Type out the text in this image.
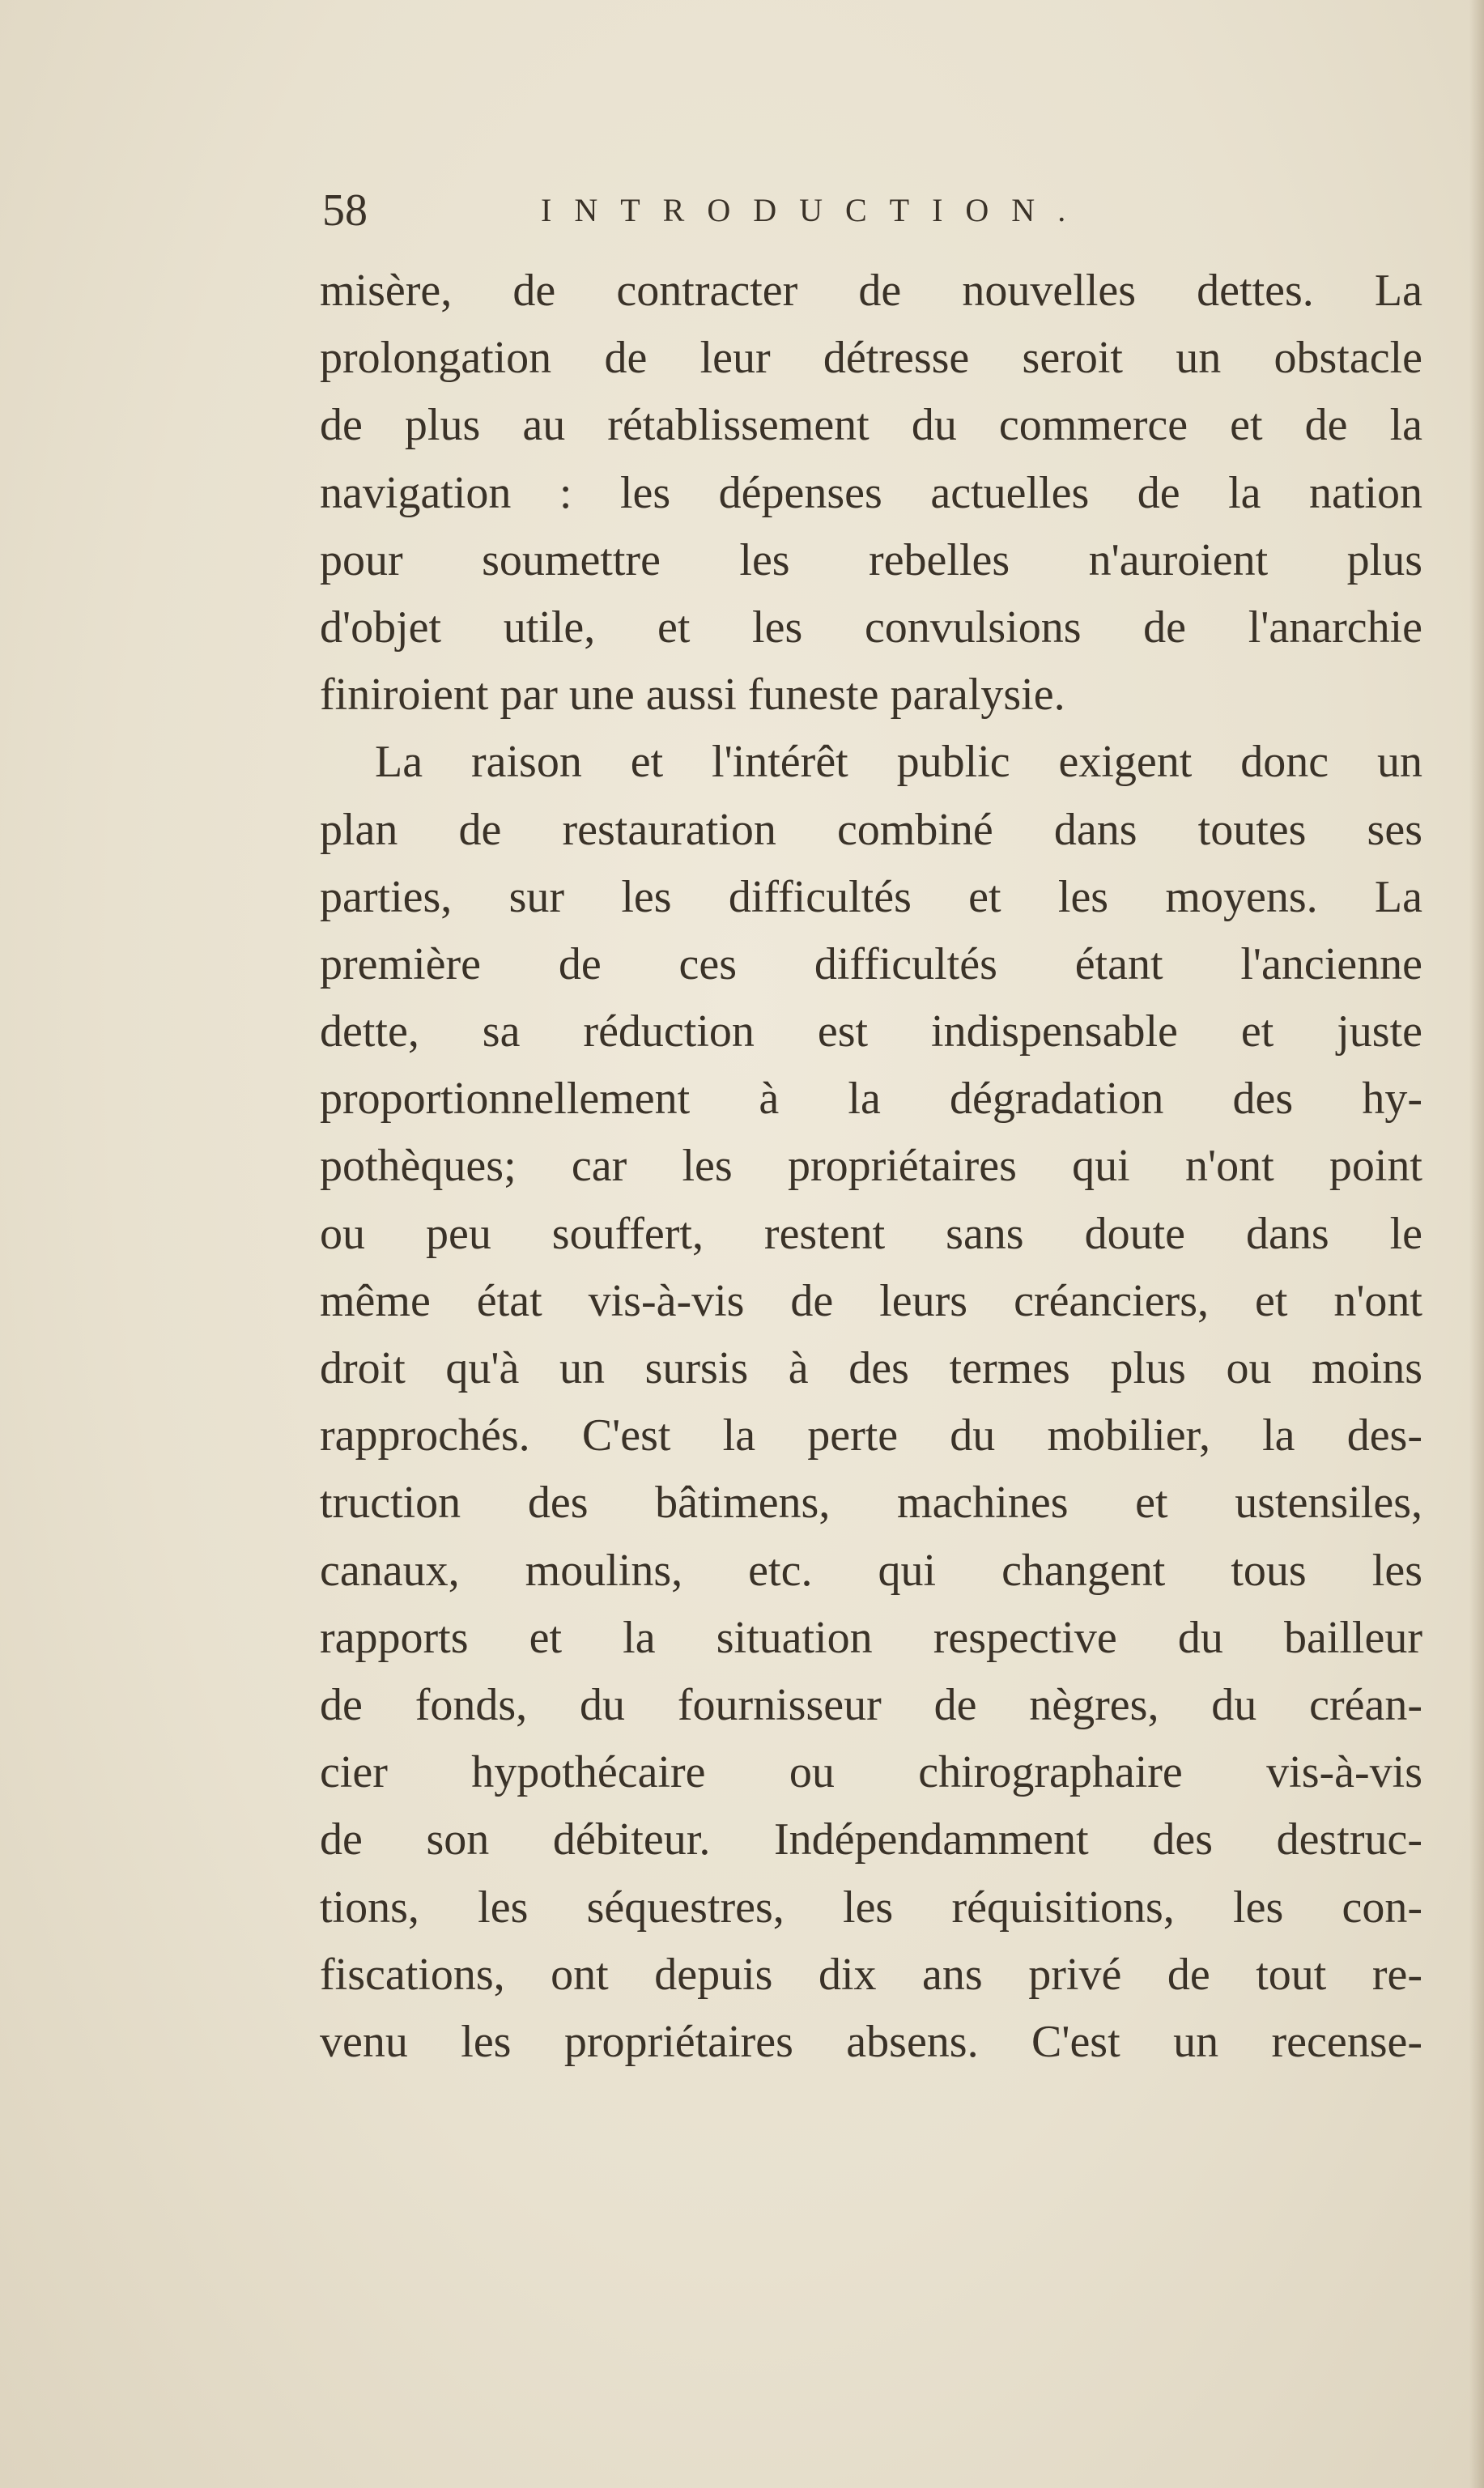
58	INTRODUCTION.
misère, de contracter de nouvelles dettes. La
prolongation de leur détresse seroit un obstacle
de plus au rétablissement du commerce et de la
navigation : les dépenses actuelles de la nation
pour soumettre les rebelles n'auroient plus
d'objet utile, et les convulsions de l'anarchie
finiroient par une aussi funeste paralysie.
La raison et l'intérêt public exigent donc un
plan de restauration combiné dans toutes ses
parties, sur les difficultés et les moyens. La
première de ces difficultés étant l'ancienne
dette, sa réduction est indispensable et juste
proportionnellement à la dégradation des hy-
pothèques; car les propriétaires qui n'ont point
ou peu souffert, restent sans doute dans le
même état vis-à-vis de leurs créanciers, et n'ont
droit qu'à un sursis à des termes plus ou moins
rapprochés. C'est la perte du mobilier, la des-
truction des bâtimens, machines et ustensiles,
canaux, moulins, etc. qui changent tous les
rapports et la situation respective du bailleur
de fonds, du fournisseur de nègres, du créan-
cier hypothécaire ou chirographaire vis-à-vis
de son débiteur. Indépendamment des destruc-
tions, les séquestres, les réquisitions, les con-
fiscations, ont depuis dix ans privé de tout re-
venu les propriétaires absens. C'est un recense-
